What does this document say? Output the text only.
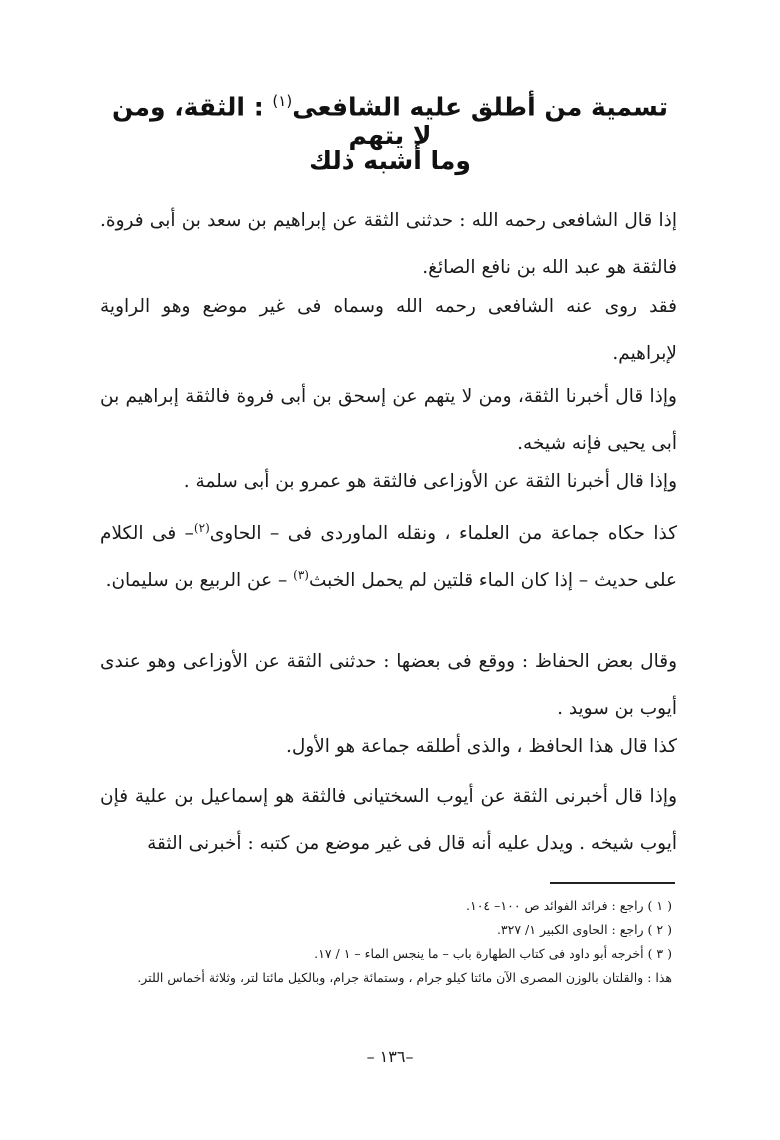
تسمية من أطلق عليه الشافعى$^{(١)}$ : الثقة، ومن لا يتهم
وما أشبه ذلك

إذا قال الشافعى رحمه الله : حدثنى الثقة عن إبراهيم بن سعد بن أبى فروة. فالثقة هو عبد الله بن نافع الصائغ.

فقد روى عنه الشافعى رحمه الله وسماه فى غير موضع وهو الراوية لإبراهيم.

وإذا قال أخبرنا الثقة، ومن لا يتهم عن إسحق بن أبى فروة فالثقة إبراهيم بن أبى يحيى فإنه شيخه.

وإذا قال أخبرنا الثقة عن الأوزاعى فالثقة هو عمرو بن أبى سلمة .

كذا حكاه جماعة من العلماء ، ونقله الماوردى فى – الحاوى$^{(٢)}$– فى الكلام على حديث – إذا كان الماء قلتين لم يحمل الخبث$^{(٣)}$ – عن الربيع بن سليمان.

وقال بعض الحفاظ : ووقع فى بعضها : حدثنى الثقة عن الأوزاعى وهو عندى أيوب بن سويد .

كذا قال هذا الحافظ ، والذى أطلقه جماعة هو الأول.

وإذا قال أخبرنى الثقة عن أيوب السختيانى فالثقة هو إسماعيل بن علية فإن أيوب شيخه . ويدل عليه أنه قال فى غير موضع من كتبه : أخبرنى الثقة

( ١ ) راجع : فرائد الفوائد ص ١٠٠– ١٠٤.
( ٢ ) راجع : الحاوى الكبير ١/ ٣٢٧.
( ٣ ) أخرجه أبو داود فى كتاب الطهارة باب – ما ينجس الماء – ١ / ١٧.
هذا : والقلتان بالوزن المصرى الآن مائتا كيلو جرام ، وستمائة جرام، وبالكيل مائتا لتر، وثلاثة أخماس اللتر.
–١٣٦ –
